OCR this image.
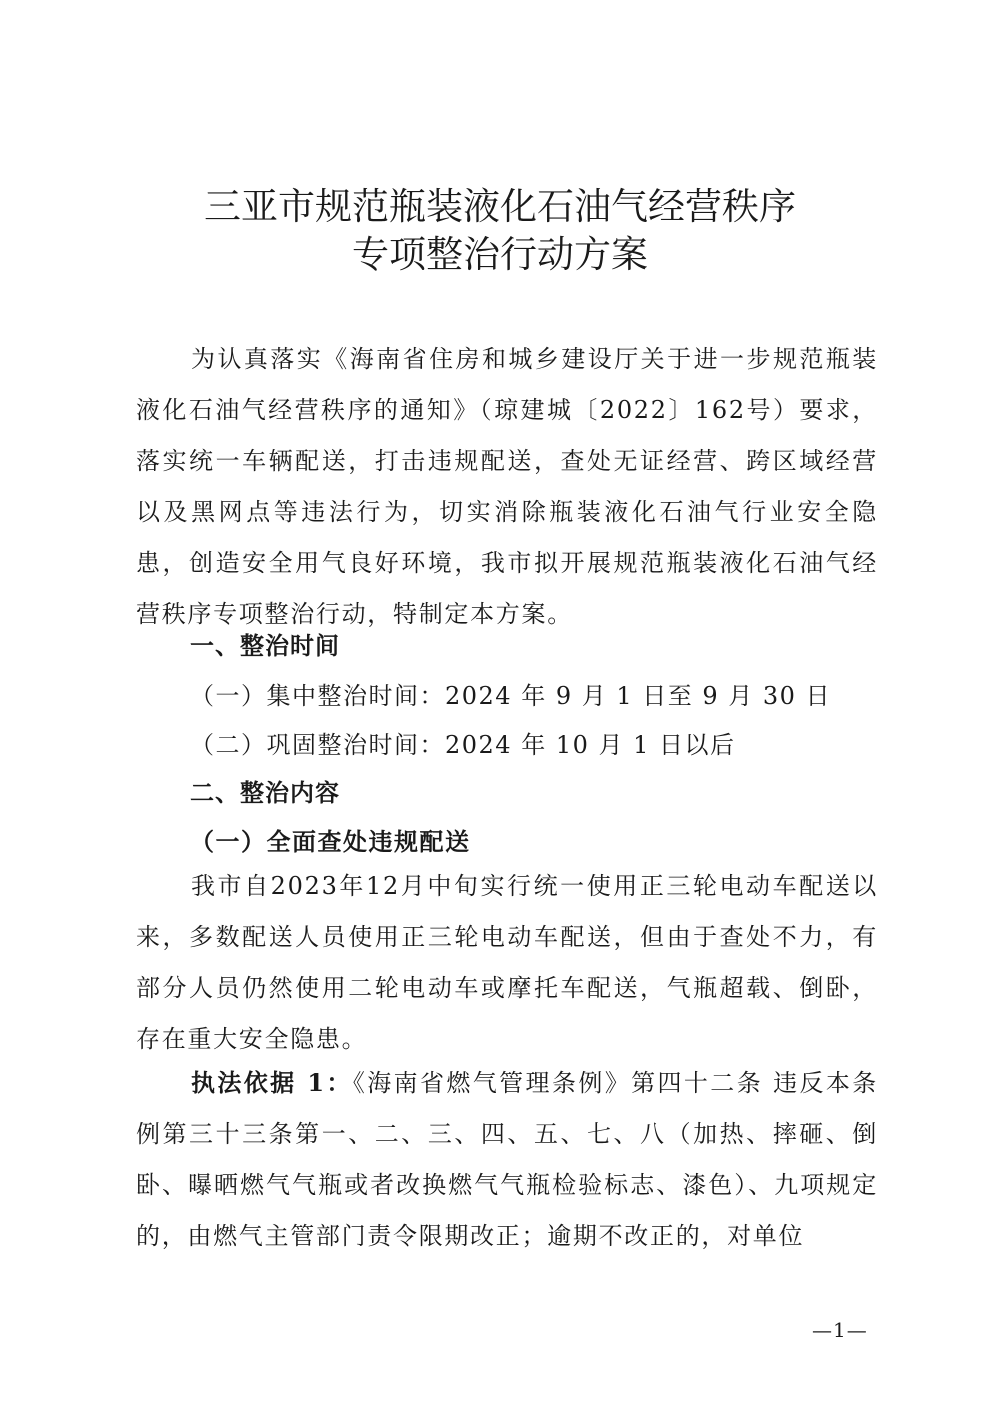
三亚市规范瓶装液化石油气经营秩序
专项整治行动方案

为认真落实《海南省住房和城乡建设厅关于进一步规范瓶装液化石油气经营秩序的通知》（琼建城〔2022〕162号）要求，落实统一车辆配送，打击违规配送，查处无证经营、跨区域经营以及黑网点等违法行为，切实消除瓶装液化石油气行业安全隐患，创造安全用气良好环境，我市拟开展规范瓶装液化石油气经营秩序专项整治行动，特制定本方案。

一、整治时间
（一）集中整治时间：2024 年 9 月 1 日至 9 月 30 日
（二）巩固整治时间：2024 年 10 月 1 日以后
二、整治内容
（一）全面查处违规配送

我市自2023年12月中旬实行统一使用正三轮电动车配送以来，多数配送人员使用正三轮电动车配送，但由于查处不力，有部分人员仍然使用二轮电动车或摩托车配送，气瓶超载、倒卧，存在重大安全隐患。

执法依据 1：《海南省燃气管理条例》第四十二条 违反本条例第三十三条第一、二、三、四、五、七、八（加热、摔砸、倒卧、曝晒燃气气瓶或者改换燃气气瓶检验标志、漆色）、九项规定的，由燃气主管部门责令限期改正；逾期不改正的，对单位

—1—
